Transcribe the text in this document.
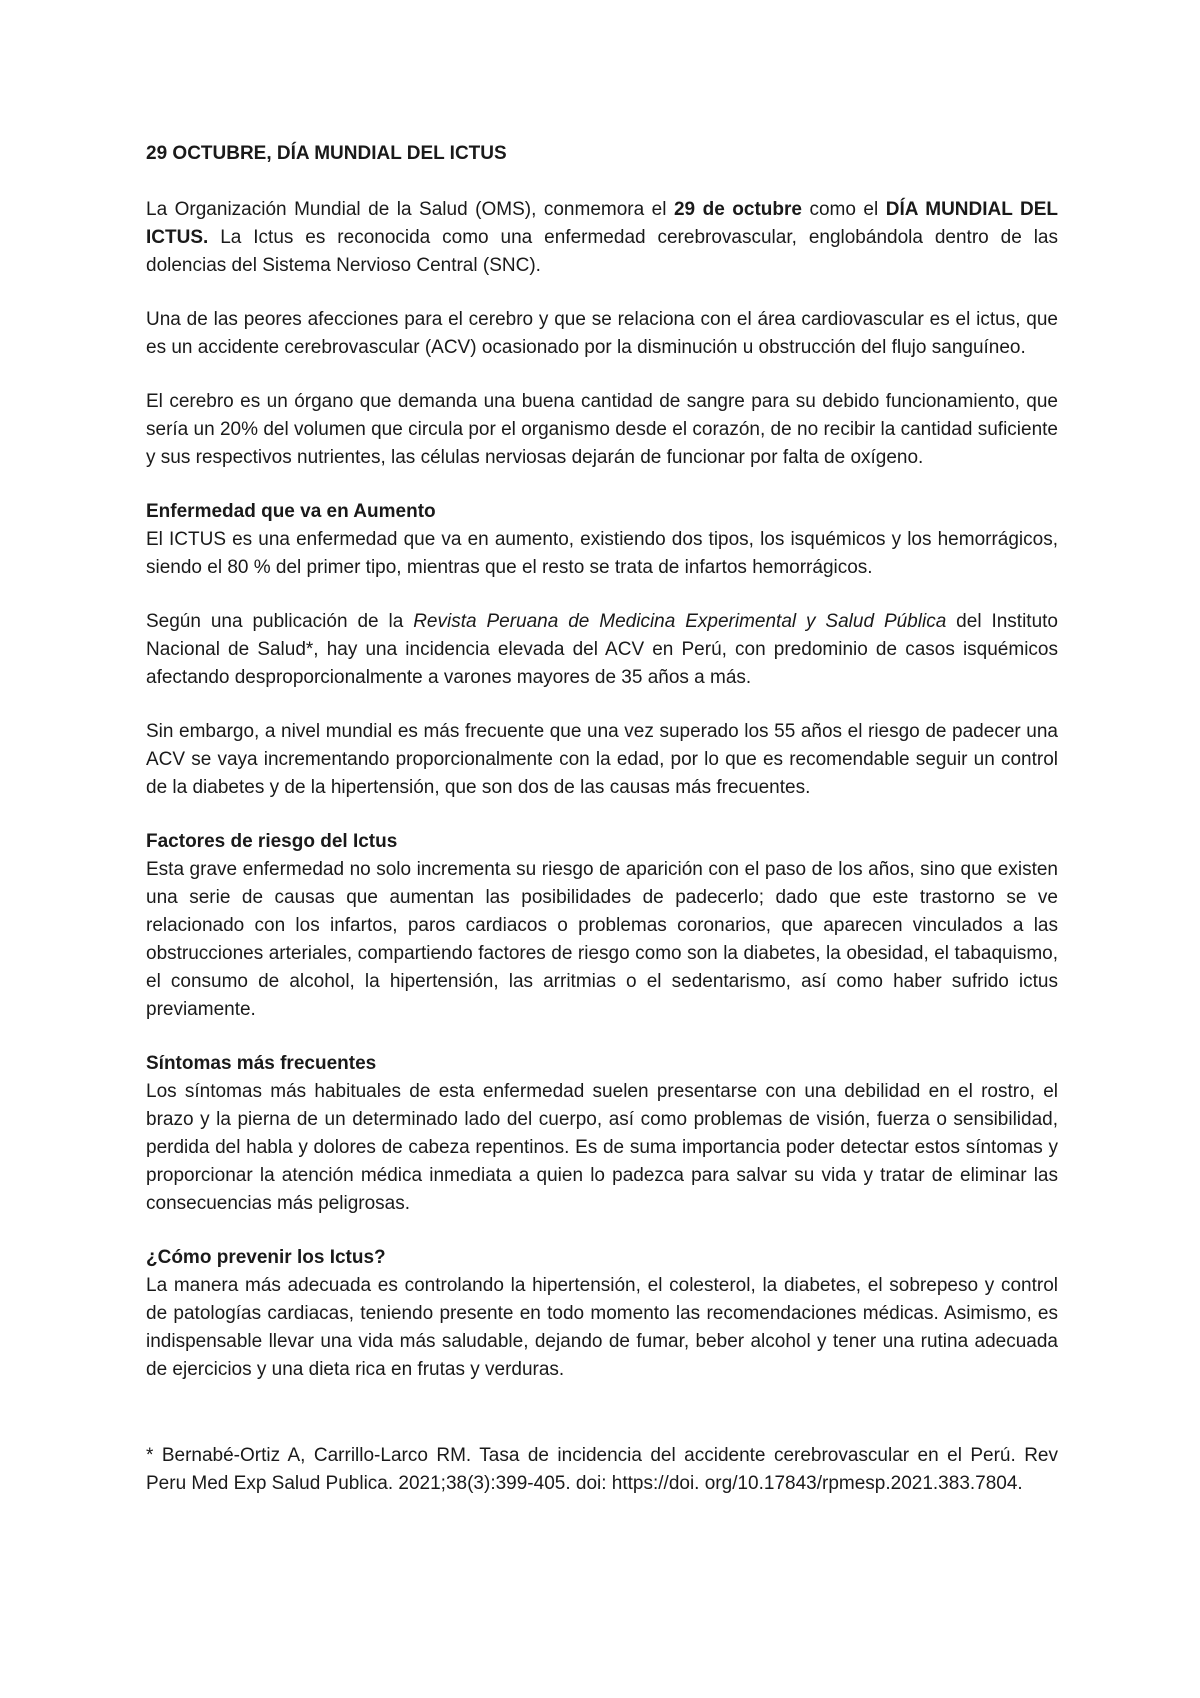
29 OCTUBRE, DÍA MUNDIAL DEL ICTUS

La Organización Mundial de la Salud (OMS), conmemora el 29 de octubre como el DÍA MUNDIAL DEL ICTUS. La Ictus es reconocida como una enfermedad cerebrovascular, englobándola dentro de las dolencias del Sistema Nervioso Central (SNC).

Una de las peores afecciones para el cerebro y que se relaciona con el área cardiovascular es el ictus, que es un accidente cerebrovascular (ACV) ocasionado por la disminución u obstrucción del flujo sanguíneo.

El cerebro es un órgano que demanda una buena cantidad de sangre para su debido funcionamiento, que sería un 20% del volumen que circula por el organismo desde el corazón, de no recibir la cantidad suficiente y sus respectivos nutrientes, las células nerviosas dejarán de funcionar por falta de oxígeno.

Enfermedad que va en Aumento

El ICTUS es una enfermedad que va en aumento, existiendo dos tipos, los isquémicos y los hemorrágicos, siendo el 80 % del primer tipo, mientras que el resto se trata de infartos hemorrágicos.

Según una publicación de la Revista Peruana de Medicina Experimental y Salud Pública del Instituto Nacional de Salud*, hay una incidencia elevada del ACV en Perú, con predominio de casos isquémicos afectando desproporcionalmente a varones mayores de 35 años a más.

Sin embargo, a nivel mundial es más frecuente que una vez superado los 55 años el riesgo de padecer una ACV se vaya incrementando proporcionalmente con la edad, por lo que es recomendable seguir un control de la diabetes y de la hipertensión, que son dos de las causas más frecuentes.

Factores de riesgo del Ictus

Esta grave enfermedad no solo incrementa su riesgo de aparición con el paso de los años, sino que existen una serie de causas que aumentan las posibilidades de padecerlo; dado que este trastorno se ve relacionado con los infartos, paros cardiacos o problemas coronarios, que aparecen vinculados a las obstrucciones arteriales, compartiendo factores de riesgo como son la diabetes, la obesidad, el tabaquismo, el consumo de alcohol, la hipertensión, las arritmias o el sedentarismo, así como haber sufrido ictus previamente.

Síntomas más frecuentes

Los síntomas más habituales de esta enfermedad suelen presentarse con una debilidad en el rostro, el brazo y la pierna de un determinado lado del cuerpo, así como problemas de visión, fuerza o sensibilidad, perdida del habla y dolores de cabeza repentinos. Es de suma importancia poder detectar estos síntomas y proporcionar la atención médica inmediata a quien lo padezca para salvar su vida y tratar de eliminar las consecuencias más peligrosas.

¿Cómo prevenir los Ictus?

La manera más adecuada es controlando la hipertensión, el colesterol, la diabetes, el sobrepeso y control de patologías cardiacas, teniendo presente en todo momento las recomendaciones médicas. Asimismo, es indispensable llevar una vida más saludable, dejando de fumar, beber alcohol y tener una rutina adecuada de ejercicios y una dieta rica en frutas y verduras.

* Bernabé-Ortiz A, Carrillo-Larco RM. Tasa de incidencia del accidente cerebrovascular en el Perú. Rev Peru Med Exp Salud Publica. 2021;38(3):399-405. doi: https://doi. org/10.17843/rpmesp.2021.383.7804.
